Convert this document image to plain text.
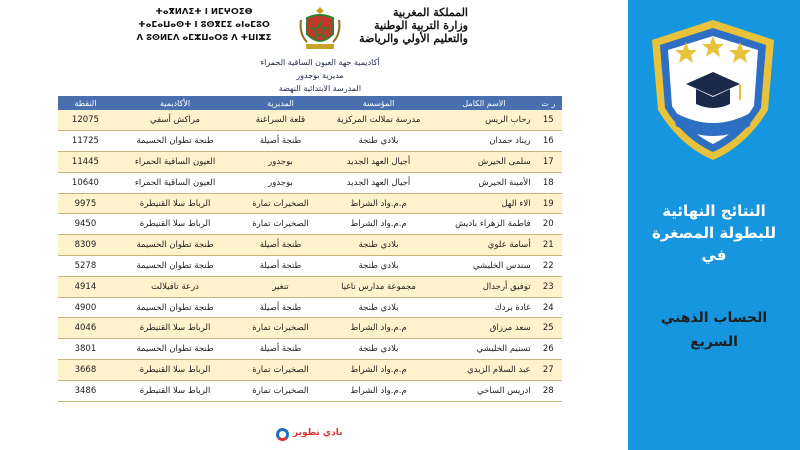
ⵜⴰⴳⵍⴷⵉⵜ ⵏ ⵍⵎⵖⵔⵉⴱ
ⵜⴰⵎⴰⵡⴰⵙⵜ ⵏ ⵓⵙⴳⵎⵉ ⴰⵏⴰⵎⵓⵔ
ⴷ ⵓⵙⵍⵎⴷ ⴰⵎⵣⵡⴰⵔⵓ ⴷ ⵜⵡⵏⵣⵉ
المملكة المغربية
وزارة التربية الوطنية
والتعليم الأولي والرياضة
أكاديمية جهة العيون الساقية الحمراء
مديرية بوجدور
المدرسة الابتدائية النهضة
ر ت	الاسم الكامل	المؤسسة	المديرية	الأكاديمية	النقطة
15	رحاب الريس	مدرسة تملالت المركزية	قلعة السراغنة	مراكش أسفي	12075
16	ريناد حمدان	بلادي طنجة	طنجة أصيلة	طنجة تطوان الحسيمة	11725
17	سلمى الحيرش	أجيال العهد الجديد	بوجدور	العيون الساقية الحمراء	11445
18	الأمينة الحيرش	أجيال العهد الجديد	بوجدور	العيون الساقية الحمراء	10640
19	الاء الهل	م.م.واد الشراط	الصخيرات تمارة	الرباط سلا القنيطرة	9975
20	فاطمة الزهراء باديش	م.م.واد الشراط	الصخيرات تمارة	الرباط سلا القنيطرة	9450
21	أسامة علوي	بلادي طنجة	طنجة أصيلة	طنجة تطوان الحسيمة	8309
22	سندس الخليشي	بلادي طنجة	طنجة أصيلة	طنجة تطوان الحسيمة	5278
23	توفيق أرجدال	مجموعة مدارس تاغيا	تنغير	درعة تافيلالت	4914
24	غادة بردك	بلادي طنجة	طنجة أصيلة	طنجة تطوان الحسيمة	4900
25	سعد مرزاق	م.م.واد الشراط	الصخيرات تمارة	الرباط سلا القنيطرة	4046
26	تسنيم الخليشي	بلادي طنجة	طنجة أصيلة	طنجة تطوان الحسيمة	3801
27	عبد السلام الزيدي	م.م.واد الشراط	الصخيرات تمارة	الرباط سلا القنيطرة	3668
28	ادريس الساخي	م.م.واد الشراط	الصخيرات تمارة	الرباط سلا القنيطرة	3486
نادي تطوير
النتائج النهائية
للبطولة المصغرة
في
الحساب الذهني
السريع
